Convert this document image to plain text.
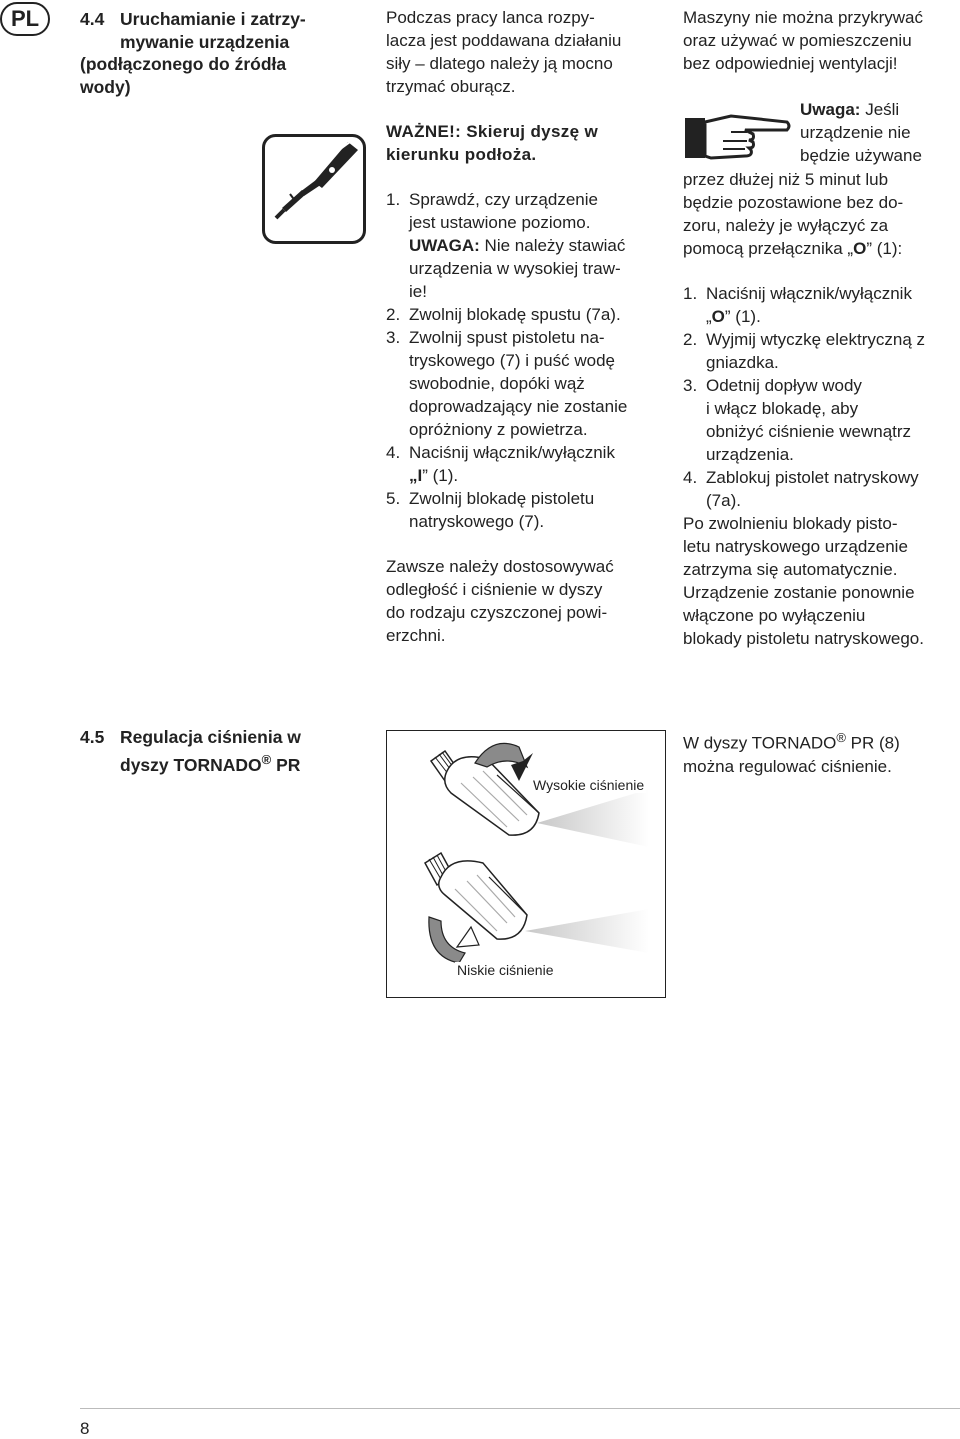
PL	4.4 Uruchamianie i zatrzy-
mywanie urządzenia
(podłączonego do źródła
wody)

Podczas pracy lanca rozpy-

lacza jest poddawana działaniu

siły – dlatego należy ją mocno

trzymać oburącz.

WAŻNE!: Skieruj dyszę w

kierunku podłoża.

1. Sprawdź, czy urządzenie
jest ustawione poziomo.
UWAGA: Nie należy stawiać
urządzenia w wysokiej traw-
ie!
2. Zwolnij blokadę spustu (7a).
3. Zwolnij spust pistoletu na-
tryskowego (7) i puść wodę
swobodnie, dopóki wąż
doprowadzający nie zostanie
opróżniony z powietrza.
4. Naciśnij włącznik/wyłącznik
„I” (1).
5. Zwolnij blokadę pistoletu
natryskowego (7).

Zawsze należy dostosowywać

odległość i ciśnienie w dyszy

do rodzaju czyszczonej powi-

erzchni.

Maszyny nie można przykrywać

oraz używać w pomieszczeniu

bez odpowiedniej wentylacji!

Uwaga: Jeśli

urządzenie nie

będzie używane

przez dłużej niż 5 minut lub

będzie pozostawione bez do-

zoru, należy je wyłączyć za

pomocą przełącznika „O” (1):

1. Naciśnij włącznik/wyłącznik
„O” (1).
2. Wyjmij wtyczkę elektryczną z
gniazdka.
3. Odetnij dopływ wody
i włącz blokadę, aby
obniżyć ciśnienie wewnątrz
urządzenia.
4. Zablokuj pistolet natryskowy
(7a).

Po zwolnieniu blokady pisto-

letu natryskowego urządzenie

zatrzyma się automatycznie.

Urządzenie zostanie ponownie

włączone po wyłączeniu

blokady pistoletu natryskowego.

4.5 Regulacja ciśnienia w
dyszy TORNADO® PR
Wysokie ciśnienie
Niskie ciśnienie

W dyszy TORNADO® PR (8)

można regulować ciśnienie.

8
